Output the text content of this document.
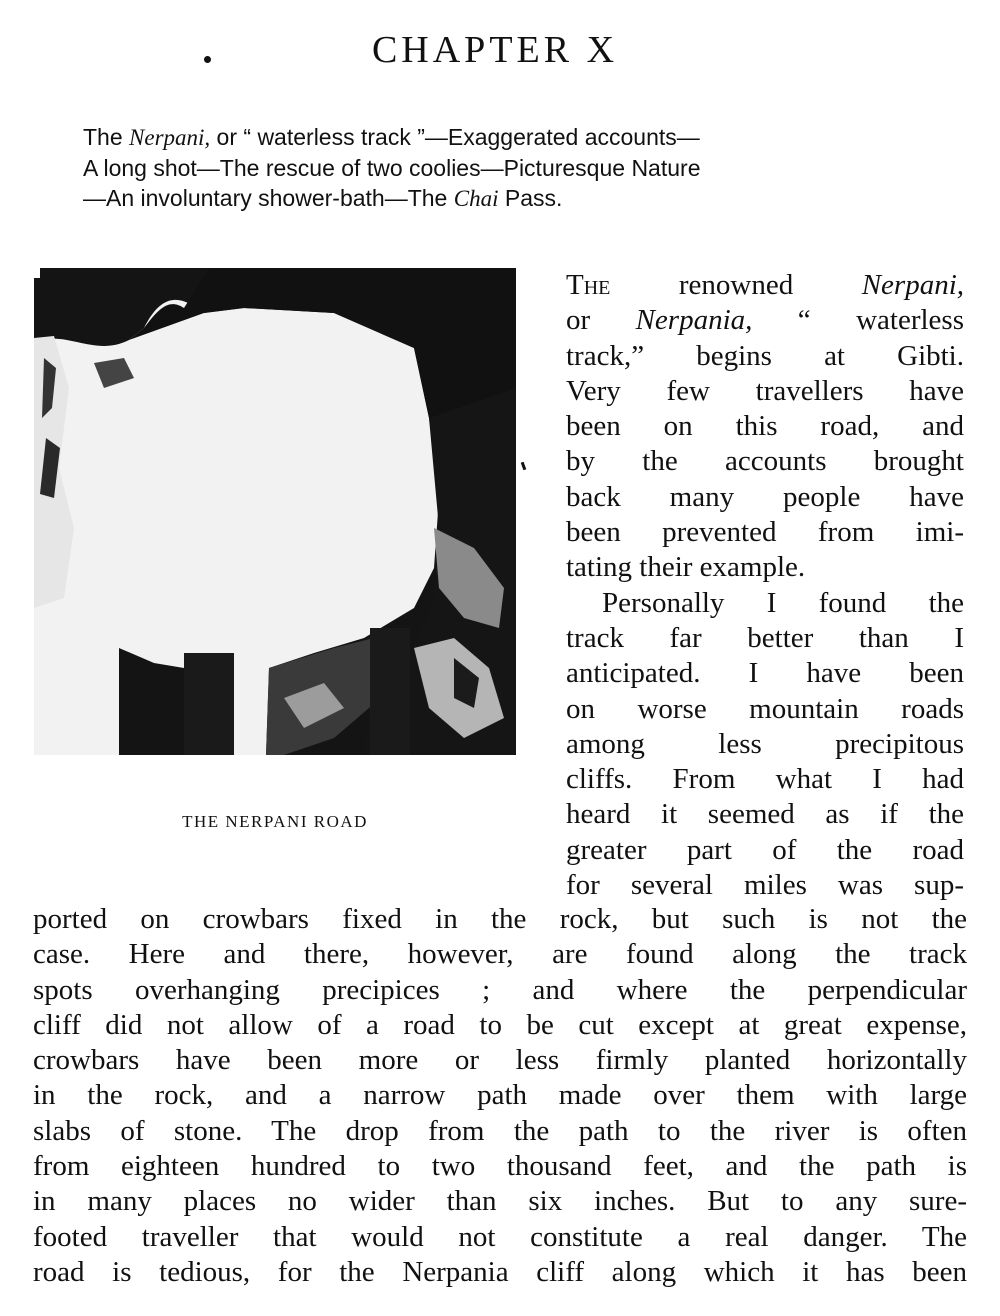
CHAPTER X
The Nerpani, or “ waterless track ”—Exaggerated accounts—
A long shot—The rescue of two coolies—Picturesque Nature
—An involuntary shower-bath—The Chai Pass.
THE NERPANI ROAD
The renowned Nerpani,
or Nerpania, “ waterless
track,” begins at Gibti.
Very few travellers have
been on this road, and
by the accounts brought
back many people have
been prevented from imi-
tating their example.
Personally I found the
track far better than I
anticipated. I have been
on worse mountain roads
among less precipitous
cliffs. From what I had
heard it seemed as if the
greater part of the road
for several miles was sup-
ported on crowbars fixed in the rock, but such is not the
case. Here and there, however, are found along the track
spots overhanging precipices ; and where the perpendicular
cliff did not allow of a road to be cut except at great expense,
crowbars have been more or less firmly planted horizontally
in the rock, and a narrow path made over them with large
slabs of stone. The drop from the path to the river is often
from eighteen hundred to two thousand feet, and the path is
in many places no wider than six inches. But to any sure-
footed traveller that would not constitute a real danger. The
road is tedious, for the Nerpania cliff along which it has been
